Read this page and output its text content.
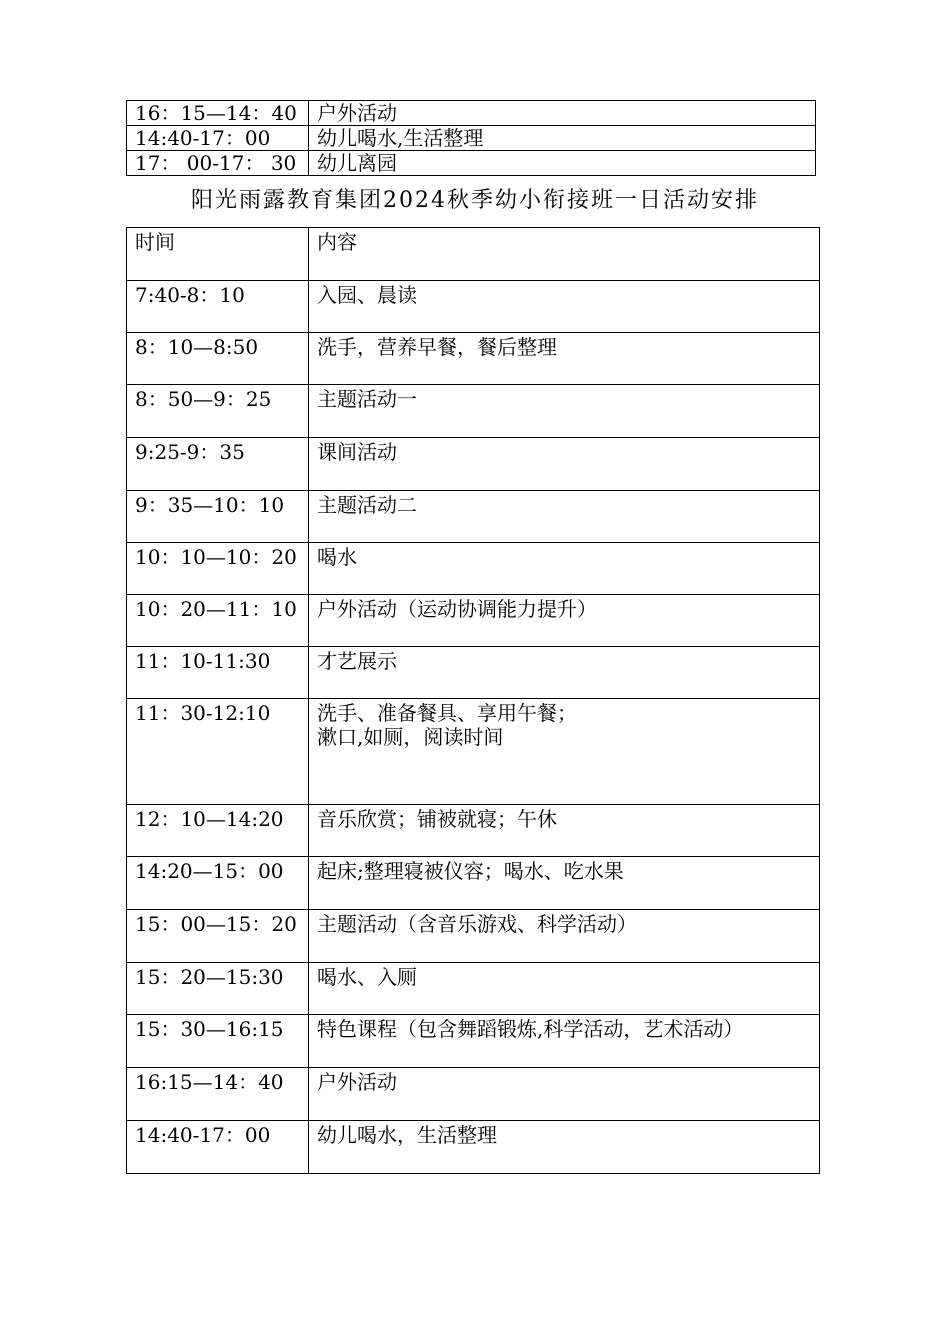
16：15—14：40	户外活动
14:40-17：00	幼儿喝水,生活整理
17： 00-17： 30	幼儿离园
阳光雨露教育集团2024秋季幼小衔接班一日活动安排
时间	内容
7:40-8：10	入园、晨读

8：10—8:50	洗手，营养早餐，餐后整理

8：50—9：25	主题活动一

9:25-9：35	课间活动

9：35—10：10	主题活动二

10：10—10：20	喝水

10：20—11：10	户外活动（运动协调能力提升）

11：10-11:30	才艺展示

11：30-12:10	洗手、准备餐具、享用午餐；
漱口,如厕，阅读时间

12：10—14:20	音乐欣赏；铺被就寝；午休

14:20—15：00	起床;整理寝被仪容；喝水、吃水果

15：00—15：20	主题活动（含音乐游戏、科学活动）

15：20—15:30	喝水、入厕

15：30—16:15	特色课程（包含舞蹈锻炼,科学活动，艺术活动）

16:15—14：40	户外活动

14:40-17：00	幼儿喝水，生活整理
